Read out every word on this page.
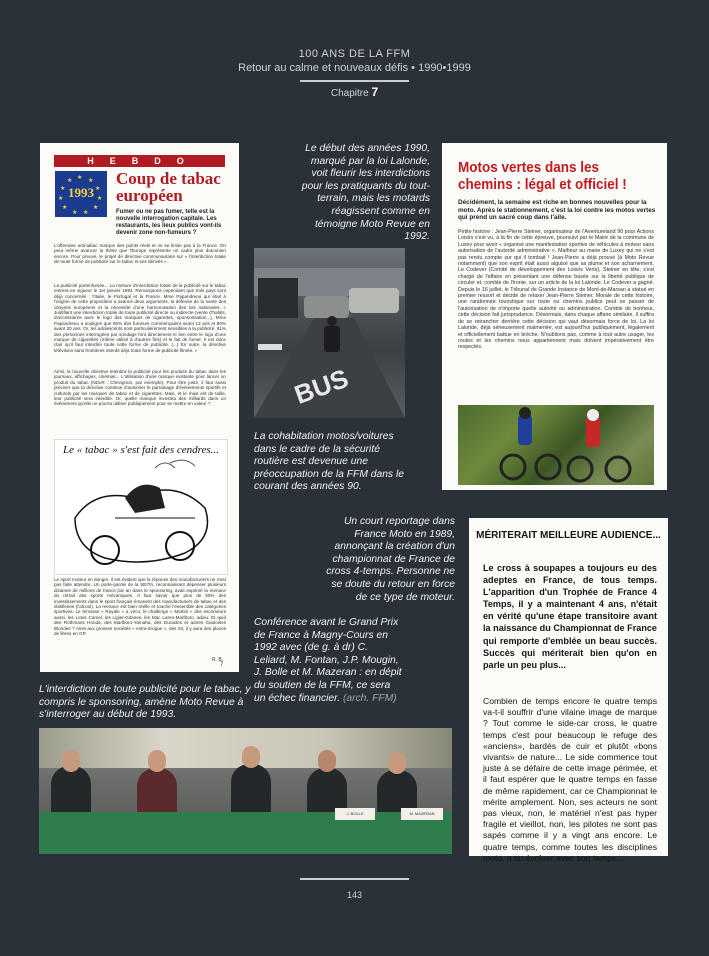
100 ANS DE LA FFM
Retour au calme et nouveaux défis • 1990•1999
Chapitre 7
HEBDO
★ ★
★
★
★
★
★
★
★
★
★
1993
Coup de tabac européen
Fumer ou ne pas fumer, telle est la nouvelle interrogation capitale. Les restaurants, les lieux publics vont-ils devenir zone non-fumeurs ?
L'offensive anti-tabac marque des points réels et ne se limite pas à la France. On peut même avancer la thèse que l'Europe représente un cadre plus draconien encore. Pour preuve, le projet de directive communautaire sur « l'interdiction totale de toute forme de publicité sur le tabac et ses dérivés ».
La publicité partenfumée... La mesure d'interdiction totale de la publicité sur le tabac entrera en vigueur le 1er janvier 1993. Remarquons cependant que trois pays sont déjà concernés : l'Italie, le Portugal et la France. Mme Papandreou qui était à l'origine de cette proposition a avancé deux arguments, la défense de la santé des citoyens européens et la nécessité d'une harmonisation des lois nationales. « Justifiant une interdiction totale de toute publicité directe ou indirecte (vente d'habits, d'accessoires avec le logo des marques de cigarettes, sponsorisation...), Mme Papandreou a souligné que 60% des fumeurs commençaient avant 13 ans et 90% avant 20 ans. Or, les adolescents sont particulièrement sensibles à la publicité. 91% des personnes interrogées par sondage font directement le lien entre le logo d'une marque de cigarettes (même utilisé à d'autres fins) et le fait de fumer. Il est donc clair qu'il faut interdire toute cette forme de publicité. (...) En outre, la directive télévision sans frontières interdit déjà toute forme de publicité filmée. »
Ainsi, la nouvelle directive interdira la publicité pour les produits du tabac dans les journaux, affichages, cinémas... L'utilisation d'une marque existante pour lancer un produit du tabac (NDLR : Chevignon, par exemple). Pour être juste, il faut aussi préciser que la directive continue d'autoriser le parrainage d'événements sportifs et culturels par les marques de tabac et de cigarettes. Mais, et le mais est de taille, leur publicité sera interdite. Or, quelle manque investira des milliards dans un événement qu'elle ne pourra utiliser publiquement pour se mettre en valeur ?
Le « tabac » s'est fait des cendres...
Le sport moteur en danger. Il est évident que la réponse des manufacturiers ne s'est pas faite attendre. Un porte-parole de la SEITA, reconnaissant dépenser plusieurs dizaines de millions de francs par an dans le sponsoring, avait exprimé la menace du retrait des sports mécaniques. Il faut savoir que plus de 50% des investissements dans le sport français émanent des manufacturiers de tabac et des distilleries (l'alcool). La menace est bien réelle et touche l'ensemble des catégories sportives. Le trimaran « Royale » a vécu, le challenge « Martini » des escrimeurs aussi, les Lotus Camel, les Ligier-Gitanes, les Mac Laren-Marlboro, adieu. Et quid des Rothmans Honda, des Marlboro-Yamaha, des Ducados et autres Gauloises Blondes ? Ainsi aux grosses sociétés « extra-drogue », des 93, il y aura des places de libres en GP.
R. B.
7
L'interdiction de toute publicité pour le tabac, y compris le sponsoring, amène Moto Revue à s'interroger au début de 1993.
Le début des années 1990, marqué par la loi Lalonde, voit fleurir les interdictions pour les pratiquants du tout-terrain, mais les motards réagissent comme en témoigne Moto Revue en 1992.
BUS
La cohabitation motos/voitures dans le cadre de la sécurité routière est devenue une préoccupation de la FFM dans le courant des années 90.
Motos vertes dans les chemins : légal et officiel !
Décidément, la semaine est riche en bonnes nouvelles pour la moto. Après le stationnement, c'est la loi contre les motos vertes qui prend un sacré coup dans l'aile.
Petite histoire : Jean-Pierre Steiner, organisateur de l'Aventureland 90 pour Actions Loisirs s'est vu, à la fin de cette épreuve, poursuivi par le Maire de la commune de Luxey pour avoir « organisé une manifestation sportive de véhicules à moteur sans autorisation de l'autorité administrative ». Malheur au maire de Luxey qui ne s'est pas rendu compte sur qui il tombait ! Jean-Pierre a déjà prouvé (à Moto Revue notamment) que son esprit était aussi aiguisé que sa plume et son acharnement. Le Codever (Comité de développement des Loisirs Verts), Steiner en tête, s'est chargé de l'affaire en présentant une défense basée sur la liberté publique de circuler et, comble de l'ironie, sur un article de la loi Lalonde. Le Codever a gagné. Depuis le 16 juillet, le Tribunal de Grande Instance de Mont-de-Marsan a statué en premier ressort et décidé de relaxer Jean-Pierre Steiner. Morale de cette histoire, une randonnée touristique sur route ou chemins publics peut se passer de l'autorisation de n'importe quelle autorité ou administration. Comble de bonheur, cette décision fait jurisprudence. Désormais, dans chaque affaire similaire, il suffira de se retrancher derrière cette décision qui vaut désormais force de loi. La loi Lalonde, déjà sérieusement malmenée, est aujourd'hui publiquement, légalement et officiellement battue en brèche. N'oublions pas, comme à tout autre usager, les routes et les chemins nous appartiennent mais doivent impérativement être respectés.
Un court reportage dans France Moto en 1989, annonçant la création d'un championnat de France de cross 4-temps. Personne ne se doute du retour en force de ce type de moteur.
Conférence avant le Grand Prix de France à Magny-Cours en 1992 avec (de g. à dr) C. Leliard, M. Fontan, J.P. Mougin, J. Bolle et M. Mazeran : en dépit du soutien de la FFM, ce sera un échec financier. (arch. FFM)
MÉRITERAIT MEILLEURE AUDIENCE...
Le cross à soupapes a toujours eu des adeptes en France, de tous temps. L'apparition d'un Trophée de France 4 Temps, il y a maintenant 4 ans, n'était en vérité qu'une étape transitoire avant la naissance du Championnat de France qui remporte d'emblée un beau succès. Succès qui mériterait bien qu'on en parle un peu plus...
Combien de temps encore le quatre temps va-t-il souffrir d'une vilaine image de marque ? Tout comme le side-car cross, le quatre temps c'est pour beaucoup le refuge des «anciens», bardés de cuir et plutôt «bons vivants» de nature... Le side commence tout juste à se défaire de cette image périmée, et il faut espérer que le quatre temps en fasse de même rapidement, car ce Championnat le mérite amplement. Non, ses acteurs ne sont pas vieux, non, le matériel n'est pas hyper fragile et vieillot, non, les pilotes ne sont pas sapés comme il y a vingt ans encore. Le quatre temps, comme toutes les disciplines moto, a su évoluer avec son temps...
J. BOLLE	M. MAZERAN
143
